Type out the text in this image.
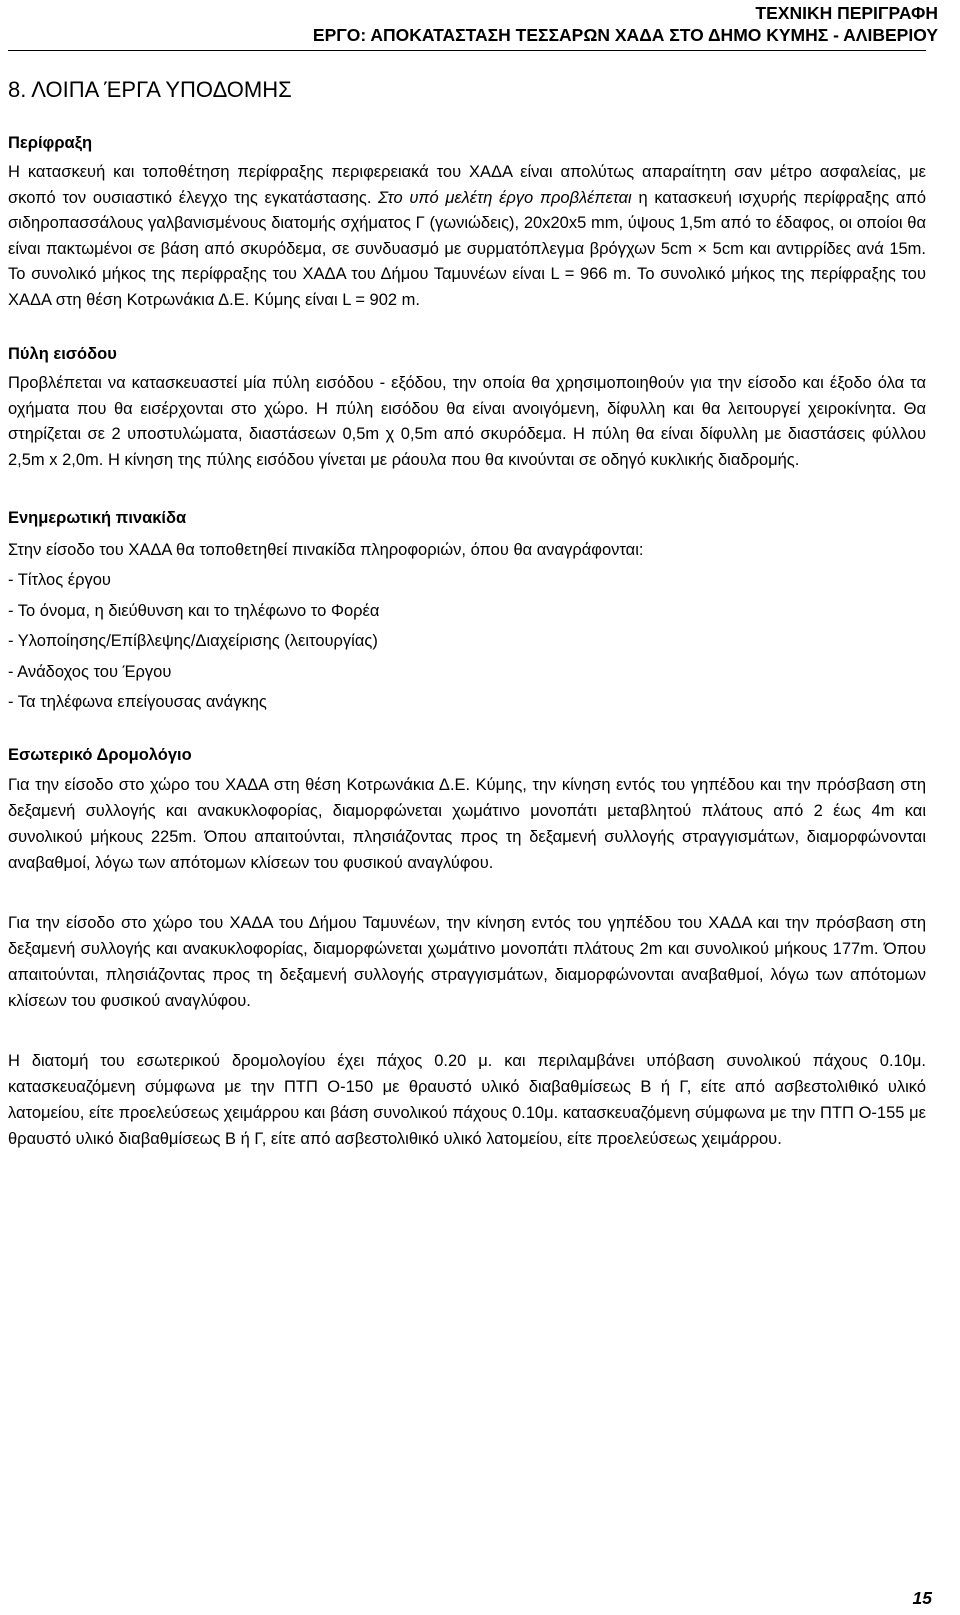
ΤΕΧΝΙΚΗ ΠΕΡΙΓΡΑΦΗ
ΕΡΓΟ: ΑΠΟΚΑΤΑΣΤΑΣΗ ΤΕΣΣΑΡΩΝ ΧΑΔΑ ΣΤΟ ΔΗΜΟ ΚΥΜΗΣ - ΑΛΙΒΕΡΙΟΥ
8. ΛΟΙΠΑ ΈΡΓΑ ΥΠΟΔΟΜΗΣ
Περίφραξη

Η κατασκευή και τοποθέτηση περίφραξης περιφερειακά του ΧΑΔΑ είναι απολύτως απαραίτητη σαν μέτρο ασφαλείας, με σκοπό τον ουσιαστικό έλεγχο της εγκατάστασης. Στο υπό μελέτη έργο προβλέπεται η κατασκευή ισχυρής περίφραξης από σιδηροπασσάλους γαλβανισμένους διατομής σχήματος Γ (γωνιώδεις), 20x20x5 mm, ύψους 1,5m από το έδαφος, οι οποίοι θα είναι πακτωμένοι σε βάση από σκυρόδεμα, σε συνδυασμό με συρματόπλεγμα βρόγχων 5cm × 5cm και αντιρρίδες ανά 15m. Το συνολικό μήκος της περίφραξης του ΧΑΔΑ του Δήμου Ταμυνέων είναι L = 966 m. Το συνολικό μήκος της περίφραξης του ΧΑΔΑ στη θέση Κοτρωνάκια Δ.Ε. Κύμης είναι L = 902 m.

Πύλη εισόδου

Προβλέπεται να κατασκευαστεί μία πύλη εισόδου - εξόδου, την οποία θα χρησιμοποιηθούν για την είσοδο και έξοδο όλα τα οχήματα που θα εισέρχονται στο χώρο. Η πύλη εισόδου θα είναι ανοιγόμενη, δίφυλλη και θα λειτουργεί χειροκίνητα. Θα στηρίζεται σε 2 υποστυλώματα, διαστάσεων 0,5m χ 0,5m από σκυρόδεμα. Η πύλη θα είναι δίφυλλη με διαστάσεις φύλλου 2,5m x 2,0m. Η κίνηση της πύλης εισόδου γίνεται με ράουλα που θα κινούνται σε οδηγό κυκλικής διαδρομής.

Ενημερωτική πινακίδα

Στην είσοδο του ΧΑΔΑ θα τοποθετηθεί πινακίδα πληροφοριών, όπου θα αναγράφονται:

- Τίτλος έργου
- Το όνομα, η διεύθυνση και το τηλέφωνο το Φορέα
- Υλοποίησης/Επίβλεψης/Διαχείρισης (λειτουργίας)
- Ανάδοχος του Έργου
- Τα τηλέφωνα επείγουσας ανάγκης
Εσωτερικό Δρομολόγιο

Για την είσοδο στο χώρο του ΧΑΔΑ στη θέση Κοτρωνάκια Δ.Ε. Κύμης, την κίνηση εντός του γηπέδου και την πρόσβαση στη δεξαμενή συλλογής και ανακυκλοφορίας, διαμορφώνεται χωμάτινο μονοπάτι μεταβλητού πλάτους από 2 έως 4m και συνολικού μήκους 225m. Όπου απαιτούνται, πλησιάζοντας προς τη δεξαμενή συλλογής στραγγισμάτων, διαμορφώνονται αναβαθμοί, λόγω των απότομων κλίσεων του φυσικού αναγλύφου.

Για την είσοδο στο χώρο του ΧΑΔΑ του Δήμου Ταμυνέων, την κίνηση εντός του γηπέδου του ΧΑΔΑ και την πρόσβαση στη δεξαμενή συλλογής και ανακυκλοφορίας, διαμορφώνεται χωμάτινο μονοπάτι πλάτους 2m και συνολικού μήκους 177m. Όπου απαιτούνται, πλησιάζοντας προς τη δεξαμενή συλλογής στραγγισμάτων, διαμορφώνονται αναβαθμοί, λόγω των απότομων κλίσεων του φυσικού αναγλύφου.

Η διατομή του εσωτερικού δρομολογίου έχει πάχος 0.20 μ. και περιλαμβάνει υπόβαση συνολικού πάχους 0.10μ. κατασκευαζόμενη σύμφωνα με την ΠΤΠ Ο-150 με θραυστό υλικό διαβαθμίσεως Β ή Γ, είτε από ασβεστολιθικό υλικό λατομείου, είτε προελεύσεως χειμάρρου και βάση συνολικού πάχους 0.10μ. κατασκευαζόμενη σύμφωνα με την ΠΤΠ Ο-155 με θραυστό υλικό διαβαθμίσεως Β ή Γ, είτε από ασβεστολιθικό υλικό λατομείου, είτε προελεύσεως χειμάρρου.

15
